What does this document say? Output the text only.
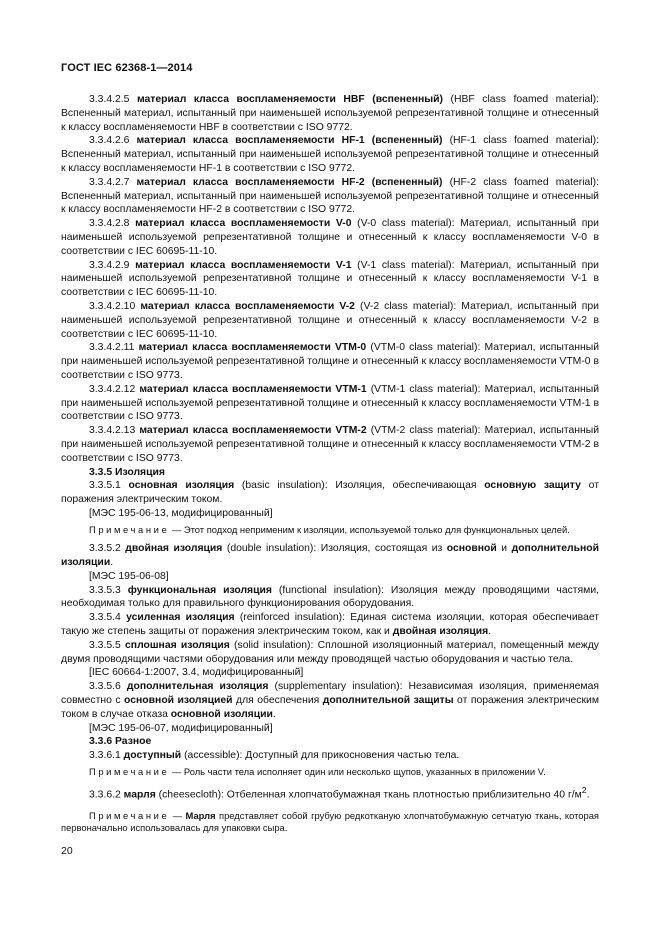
ГОСТ IEC 62368-1—2014

3.3.4.2.5 материал класса воспламеняемости HBF (вспененный) (HBF class foamed material): Вспененный материал, испытанный при наименьшей используемой репрезентативной толщине и отнесенный к классу воспламеняемости HBF в соответствии с ISO 9772.

3.3.4.2.6 материал класса воспламеняемости HF-1 (вспененный) (HF-1 class foamed material): Вспененный материал, испытанный при наименьшей используемой репрезентативной толщине и отнесенный к классу воспламеняемости HF-1 в соответствии с ISO 9772.

3.3.4.2.7 материал класса воспламеняемости HF-2 (вспененный) (HF-2 class foamed material): Вспененный материал, испытанный при наименьшей используемой репрезентативной толщине и отнесенный к классу воспламеняемости HF-2 в соответствии с ISO 9772.

3.3.4.2.8 материал класса воспламеняемости V-0 (V-0 class material): Материал, испытанный при наименьшей используемой репрезентативной толщине и отнесенный к классу воспламеняемости V-0 в соответствии с IEC 60695-11-10.

3.3.4.2.9 материал класса воспламеняемости V-1 (V-1 class material): Материал, испытанный при наименьшей используемой репрезентативной толщине и отнесенный к классу воспламеняемости V-1 в соответствии с IEC 60695-11-10.

3.3.4.2.10 материал класса воспламеняемости V-2 (V-2 class material): Материал, испытанный при наименьшей используемой репрезентативной толщине и отнесенный к классу воспламеняемости V-2 в соответствии с IEC 60695-11-10.

3.3.4.2.11 материал класса воспламеняемости VTM-0 (VTM-0 class material): Материал, испытанный при наименьшей используемой репрезентативной толщине и отнесенный к классу воспламеняемости VTM-0 в соответствии с ISO 9773.

3.3.4.2.12 материал класса воспламеняемости VTM-1 (VTM-1 class material): Материал, испытанный при наименьшей используемой репрезентативной толщине и отнесенный к классу воспламеняемости VTM-1 в соответствии с ISO 9773.

3.3.4.2.13 материал класса воспламеняемости VTM-2 (VTM-2 class material): Материал, испытанный при наименьшей используемой репрезентативной толщине и отнесенный к классу воспламеняемости VTM-2 в соответствии с ISO 9773.

3.3.5 Изоляция

3.3.5.1 основная изоляция (basic insulation): Изоляция, обеспечивающая основную защиту от поражения электрическим током.

[МЭС 195-06-13, модифицированный]

Примечание — Этот подход неприменим к изоляции, используемой только для функциональных целей.

3.3.5.2 двойная изоляция (double insulation): Изоляция, состоящая из основной и дополнительной изоляции.

[МЭС 195-06-08]

3.3.5.3 функциональная изоляция (functional insulation): Изоляция между проводящими частями, необходимая только для правильного функционирования оборудования.

3.3.5.4 усиленная изоляция (reinforced insulation): Единая система изоляции, которая обеспечивает такую же степень защиты от поражения электрическим током, как и двойная изоляция.

3.3.5.5 сплошная изоляция (solid insulation): Сплошной изоляционный материал, помещенный между двумя проводящими частями оборудования или между проводящей частью оборудования и частью тела.

[IEC 60664-1:2007, 3.4, модифицированный]

3.3.5.6 дополнительная изоляция (supplementary insulation): Независимая изоляция, применяемая совместно с основной изоляцией для обеспечения дополнительной защиты от поражения электрическим током в случае отказа основной изоляции.

[МЭС 195-06-07, модифицированный]

3.3.6 Разное

3.3.6.1 доступный (accessible): Доступный для прикосновения частью тела.

Примечание — Роль части тела исполняет один или несколько щупов, указанных в приложении V.

3.3.6.2 марля (cheesecloth): Отбеленная хлопчатобумажная ткань плотностью приблизительно 40 $г/м^2$.

Примечание — Марля представляет собой грубую редкотканую хлопчатобумажную сетчатую ткань, которая первоначально использовалась для упаковки сыра.

20
